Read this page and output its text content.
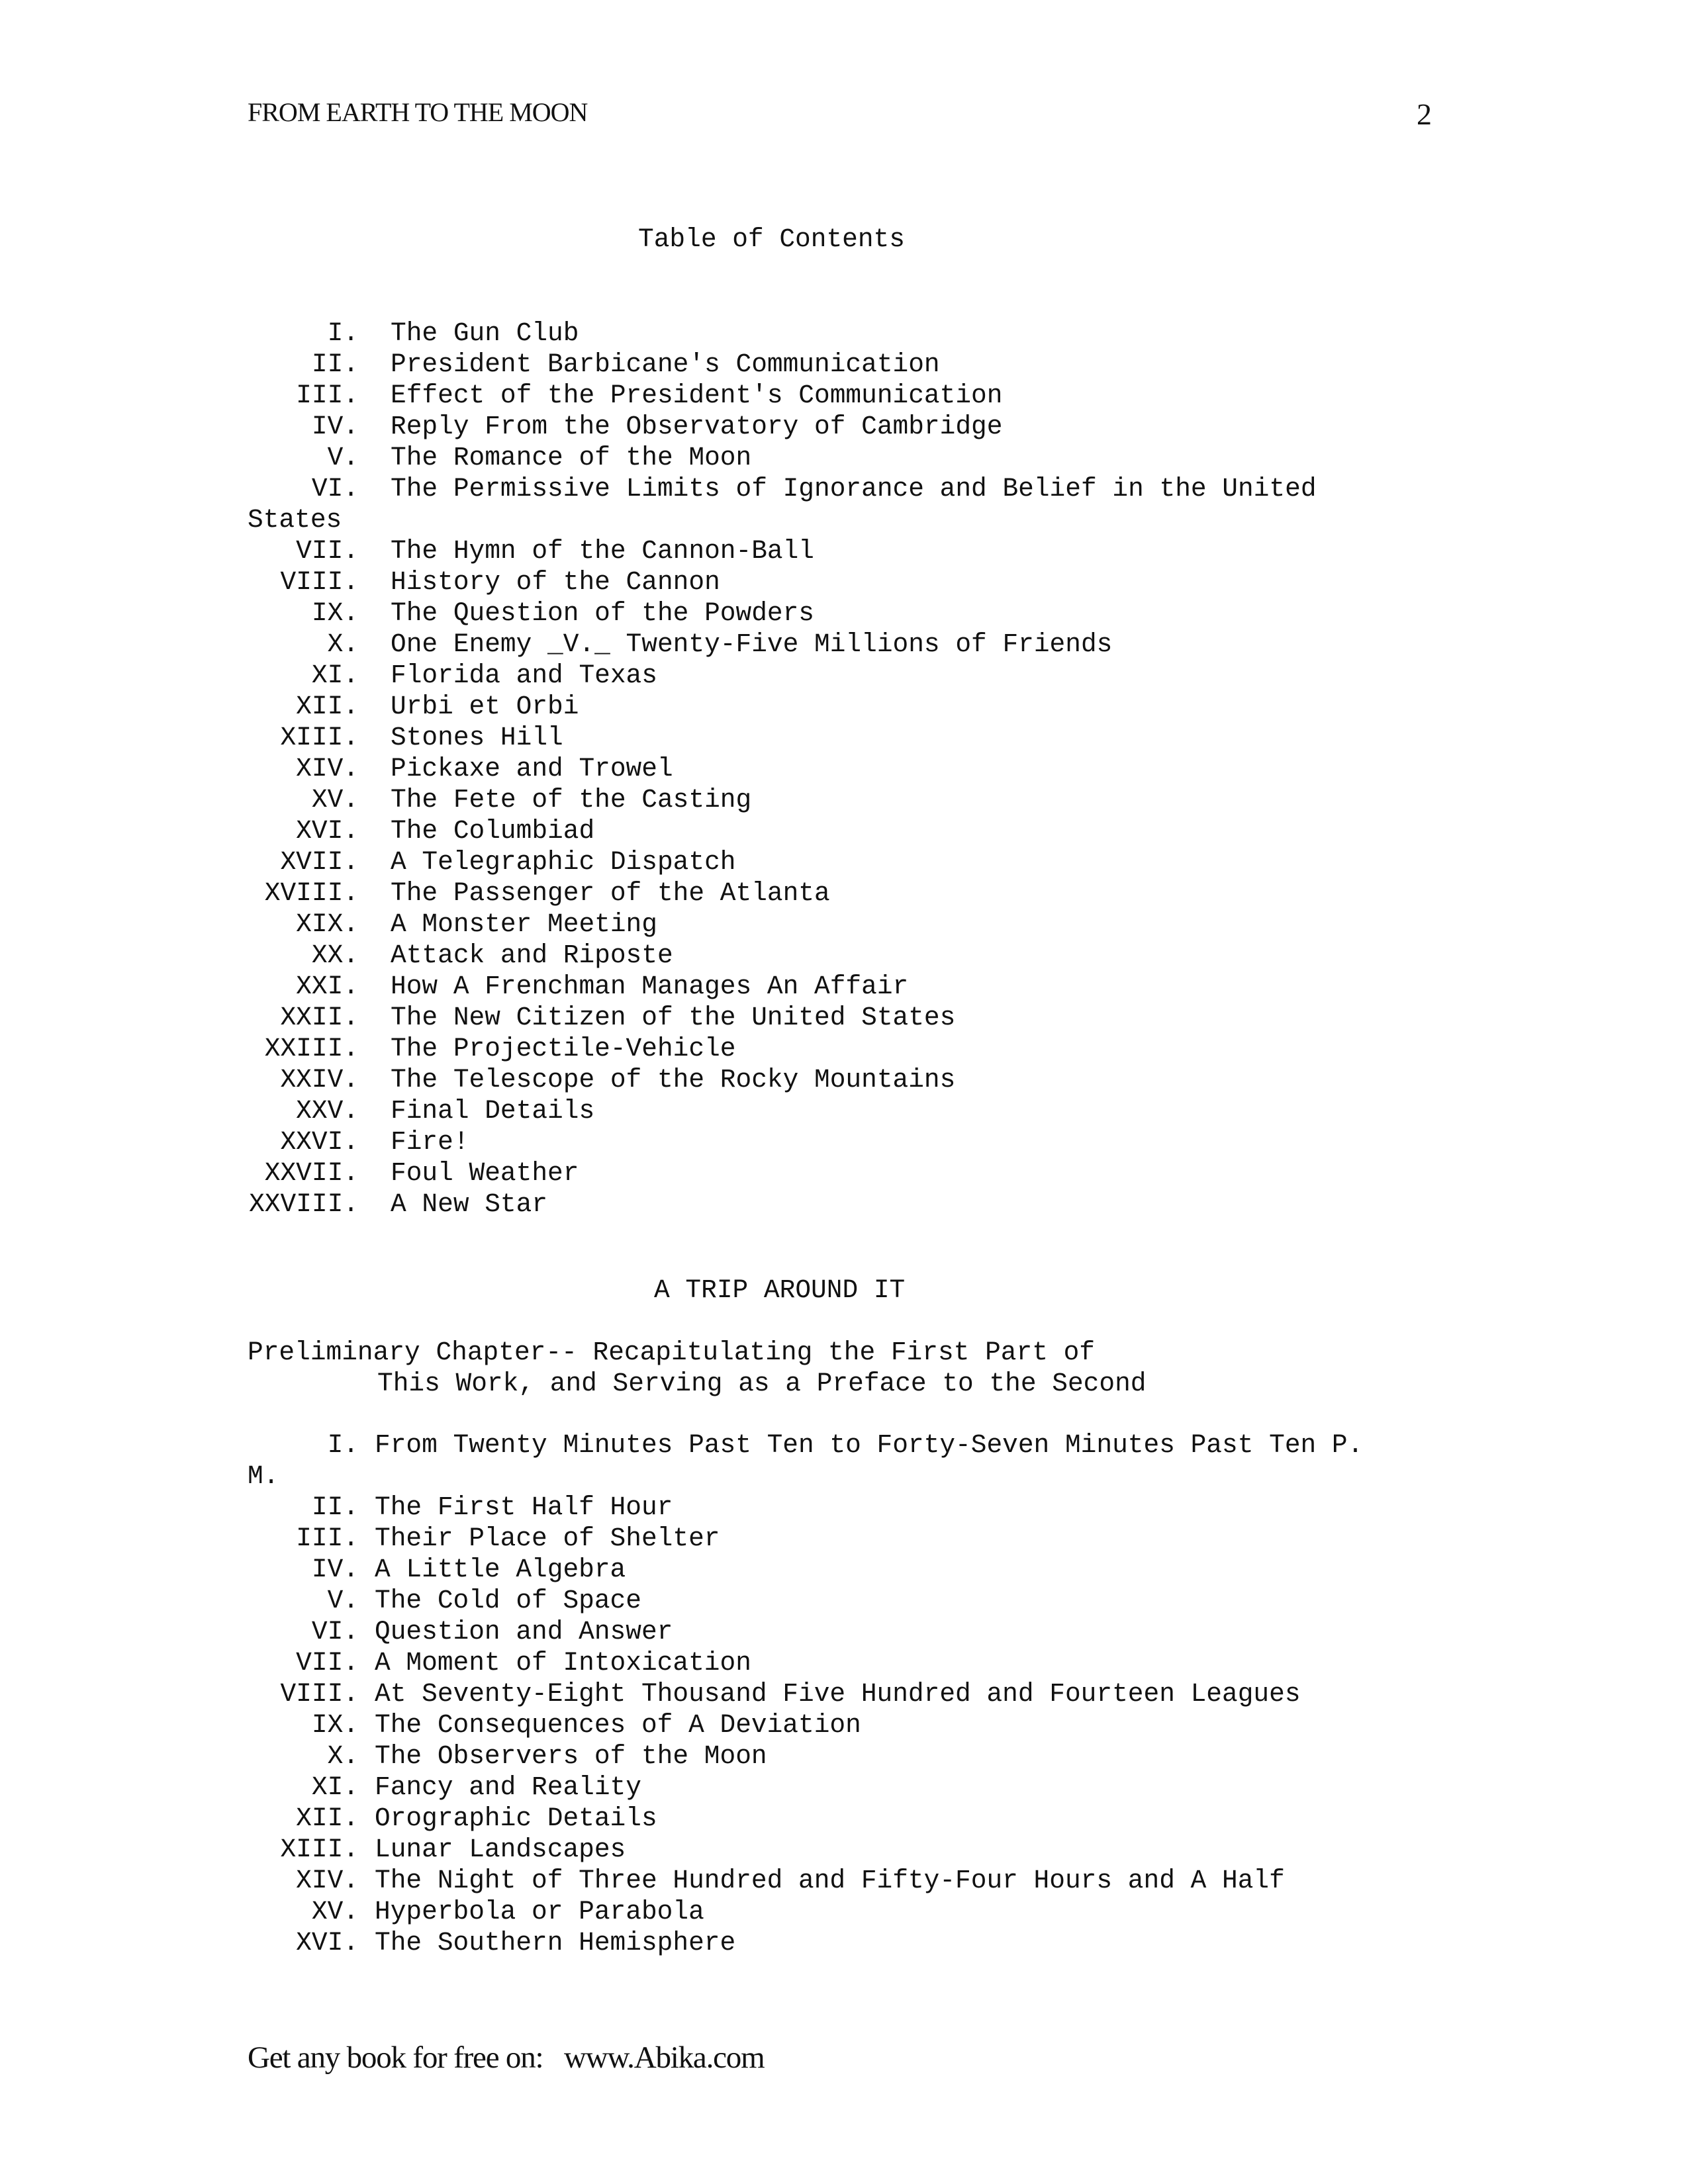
FROM EARTH TO THE MOON	2
Table of Contents
I. The Gun Club
II. President Barbicane's Communication
III. Effect of the President's Communication
IV. Reply From the Observatory of Cambridge
V. The Romance of the Moon
VI. The Permissive Limits of Ignorance and Belief in the United
States
VII. The Hymn of the Cannon-Ball
VIII. History of the Cannon
IX. The Question of the Powders
X. One Enemy _V._ Twenty-Five Millions of Friends
XI. Florida and Texas
XII. Urbi et Orbi
XIII. Stones Hill
XIV. Pickaxe and Trowel
XV. The Fete of the Casting
XVI. The Columbiad
XVII. A Telegraphic Dispatch
XVIII. The Passenger of the Atlanta
XIX. A Monster Meeting
XX. Attack and Riposte
XXI. How A Frenchman Manages An Affair
XXII. The New Citizen of the United States
XXIII. The Projectile-Vehicle
XXIV. The Telescope of the Rocky Mountains
XXV. Final Details
XXVI. Fire!
XXVII. Foul Weather
XXVIII. A New Star
A TRIP AROUND IT
Preliminary Chapter-- Recapitulating the First Part of
This Work, and Serving as a Preface to the Second
I. From Twenty Minutes Past Ten to Forty-Seven Minutes Past Ten P.
M.
II. The First Half Hour
III. Their Place of Shelter
IV. A Little Algebra
V. The Cold of Space
VI. Question and Answer
VII. A Moment of Intoxication
VIII. At Seventy-Eight Thousand Five Hundred and Fourteen Leagues
IX. The Consequences of A Deviation
X. The Observers of the Moon
XI. Fancy and Reality
XII. Orographic Details
XIII. Lunar Landscapes
XIV. The Night of Three Hundred and Fifty-Four Hours and A Half
XV. Hyperbola or Parabola
XVI. The Southern Hemisphere
Get any book for free on:   www.Abika.com
